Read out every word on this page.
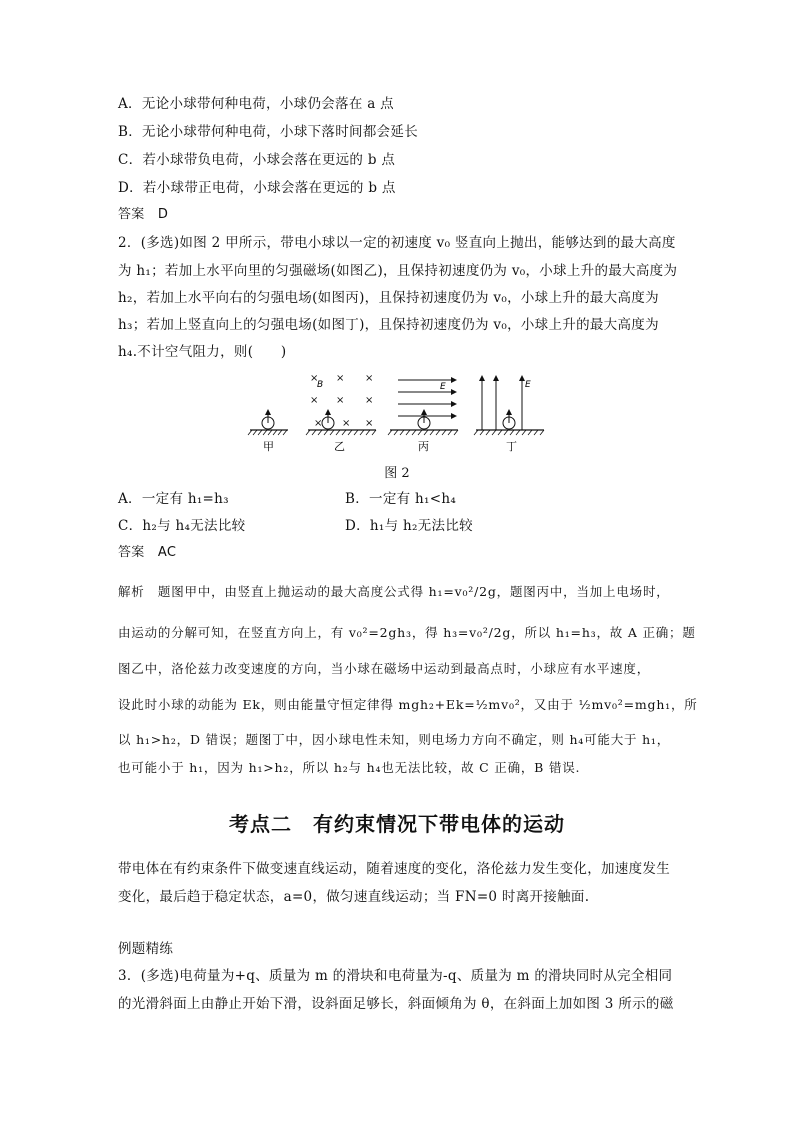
A．无论小球带何种电荷，小球仍会落在 a 点
B．无论小球带何种电荷，小球下落时间都会延长
C．若小球带负电荷，小球会落在更远的 b 点
D．若小球带正电荷，小球会落在更远的 b 点
答案　D
2．(多选)如图 2 甲所示，带电小球以一定的初速度 v₀ 竖直向上抛出，能够达到的最大高度
为 h₁；若加上水平向里的匀强磁场(如图乙)，且保持初速度仍为 v₀，小球上升的最大高度为
h₂，若加上水平向右的匀强电场(如图丙)，且保持初速度仍为 v₀，小球上升的最大高度为
h₃；若加上竖直向上的匀强电场(如图丁)，且保持初速度仍为 v₀，小球上升的最大高度为
h₄.不计空气阻力，则(　　)
甲
× × ×
× × ×
× × ×
B
乙
E
丙
E
丁
图 2
A．一定有 h₁=h₃	B．一定有 h₁<h₄
C．h₂与 h₄无法比较	D．h₁与 h₂无法比较
答案　AC
解析　题图甲中，由竖直上抛运动的最大高度公式得 h₁=v₀²/2g，题图丙中，当加上电场时，
由运动的分解可知，在竖直方向上，有 v₀²=2gh₃，得 h₃=v₀²/2g，所以 h₁=h₃，故 A 正确；题
图乙中，洛伦兹力改变速度的方向，当小球在磁场中运动到最高点时，小球应有水平速度，
设此时小球的动能为 Ek，则由能量守恒定律得 mgh₂+Ek=½mv₀²，又由于 ½mv₀²=mgh₁，所
以 h₁>h₂，D 错误；题图丁中，因小球电性未知，则电场力方向不确定，则 h₄可能大于 h₁，
也可能小于 h₁，因为 h₁>h₂，所以 h₂与 h₄也无法比较，故 C 正确，B 错误.
考点二　有约束情况下带电体的运动
带电体在有约束条件下做变速直线运动，随着速度的变化，洛伦兹力发生变化，加速度发生
变化，最后趋于稳定状态，a=0，做匀速直线运动；当 FN=0 时离开接触面.
例题精练
3．(多选)电荷量为+q、质量为 m 的滑块和电荷量为-q、质量为 m 的滑块同时从完全相同
的光滑斜面上由静止开始下滑，设斜面足够长，斜面倾角为 θ，在斜面上加如图 3 所示的磁
